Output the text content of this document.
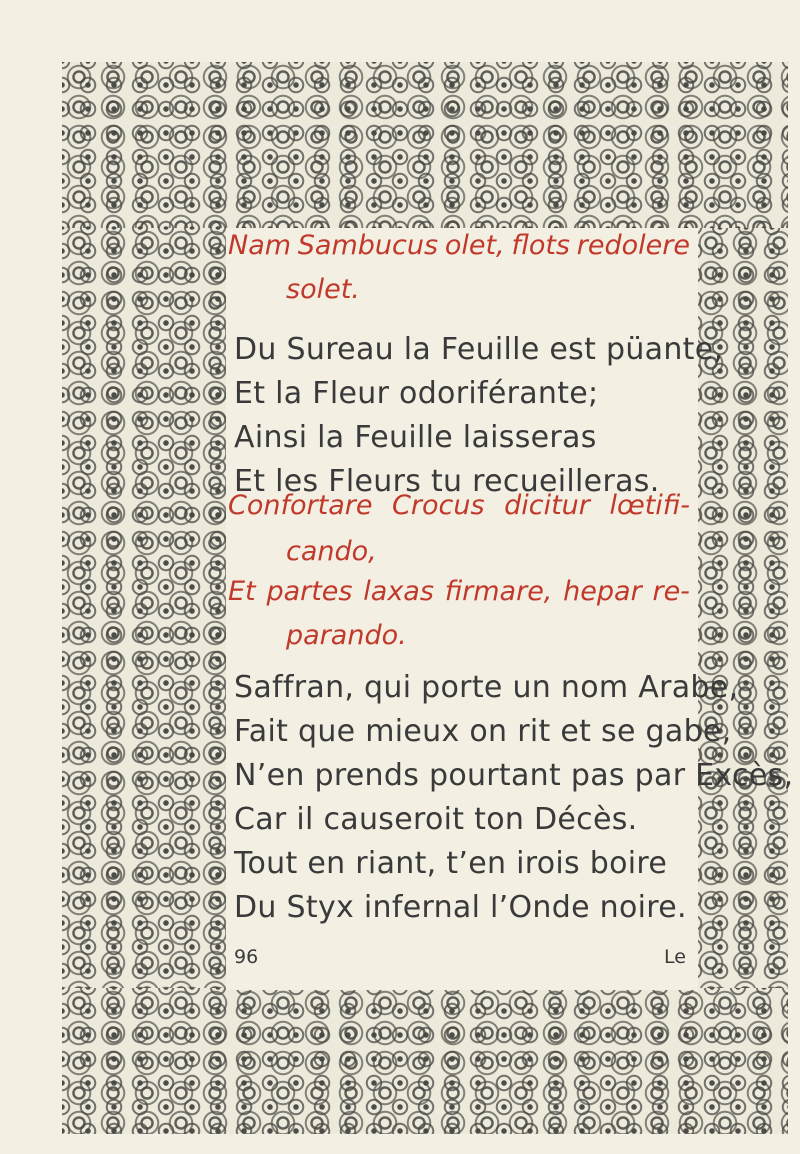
Nam Sambucus olet, flots redolere
solet.
Du Sureau la Feuille est püante,
Et la Fleur odoriférante;
Ainsi la Feuille laisseras
Et les Fleurs tu recueilleras.
Confortare Crocus dicitur lœtifi-
cando,
Et partes laxas firmare, hepar re-
parando.
Saffran, qui porte un nom Arabe,
Fait que mieux on rit et se gabe,
N’en prends pourtant pas par Excès,
Car il causeroit ton Décès.
Tout en riant, t’en irois boire
Du Styx infernal l’Onde noire.
96	Le
